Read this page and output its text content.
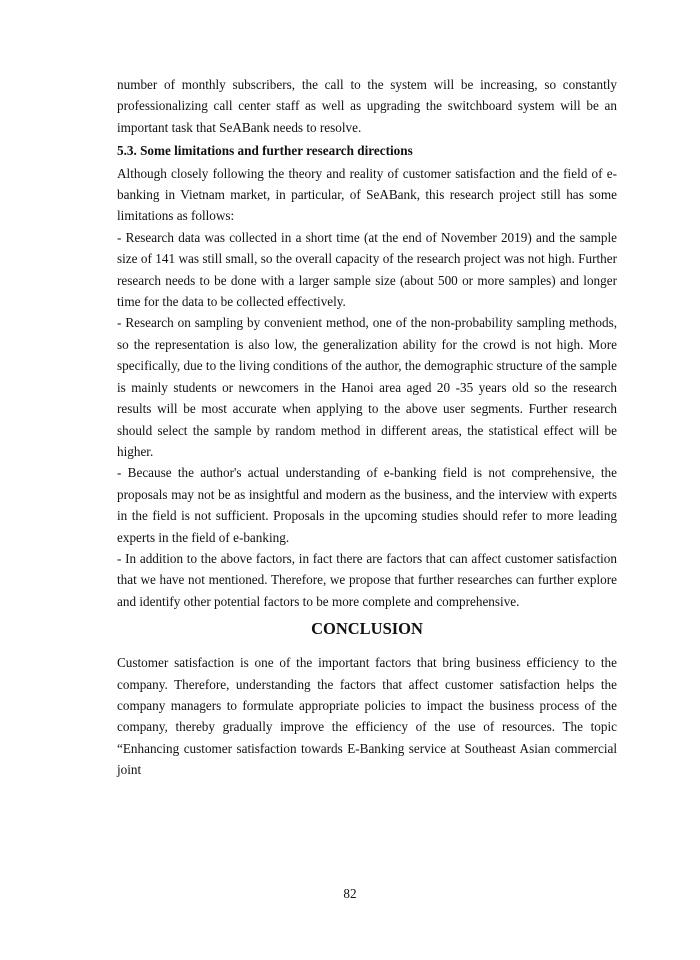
number of monthly subscribers, the call to the system will be increasing, so constantly professionalizing call center staff as well as upgrading the switchboard system will be an important task that SeABank needs to resolve.

5.3. Some limitations and further research directions

Although closely following the theory and reality of customer satisfaction and the field of e-banking in Vietnam market, in particular, of SeABank, this research project still has some limitations as follows:

- Research data was collected in a short time (at the end of November 2019) and the sample size of 141 was still small, so the overall capacity of the research project was not high. Further research needs to be done with a larger sample size (about 500 or more samples) and longer time for the data to be collected effectively.

- Research on sampling by convenient method, one of the non-probability sampling methods, so the representation is also low, the generalization ability for the crowd is not high. More specifically, due to the living conditions of the author, the demographic structure of the sample is mainly students or newcomers in the Hanoi area aged 20 -35 years old so the research results will be most accurate when applying to the above user segments. Further research should select the sample by random method in different areas, the statistical effect will be higher.

- Because the author's actual understanding of e-banking field is not comprehensive, the proposals may not be as insightful and modern as the business, and the interview with experts in the field is not sufficient. Proposals in the upcoming studies should refer to more leading experts in the field of e-banking.

- In addition to the above factors, in fact there are factors that can affect customer satisfaction that we have not mentioned. Therefore, we propose that further researches can further explore and identify other potential factors to be more complete and comprehensive.

CONCLUSION

Customer satisfaction is one of the important factors that bring business efficiency to the company. Therefore, understanding the factors that affect customer satisfaction helps the company managers to formulate appropriate policies to impact the business process of the company, thereby gradually improve the efficiency of the use of resources. The topic “Enhancing customer satisfaction towards E-Banking service at Southeast Asian commercial joint

82
